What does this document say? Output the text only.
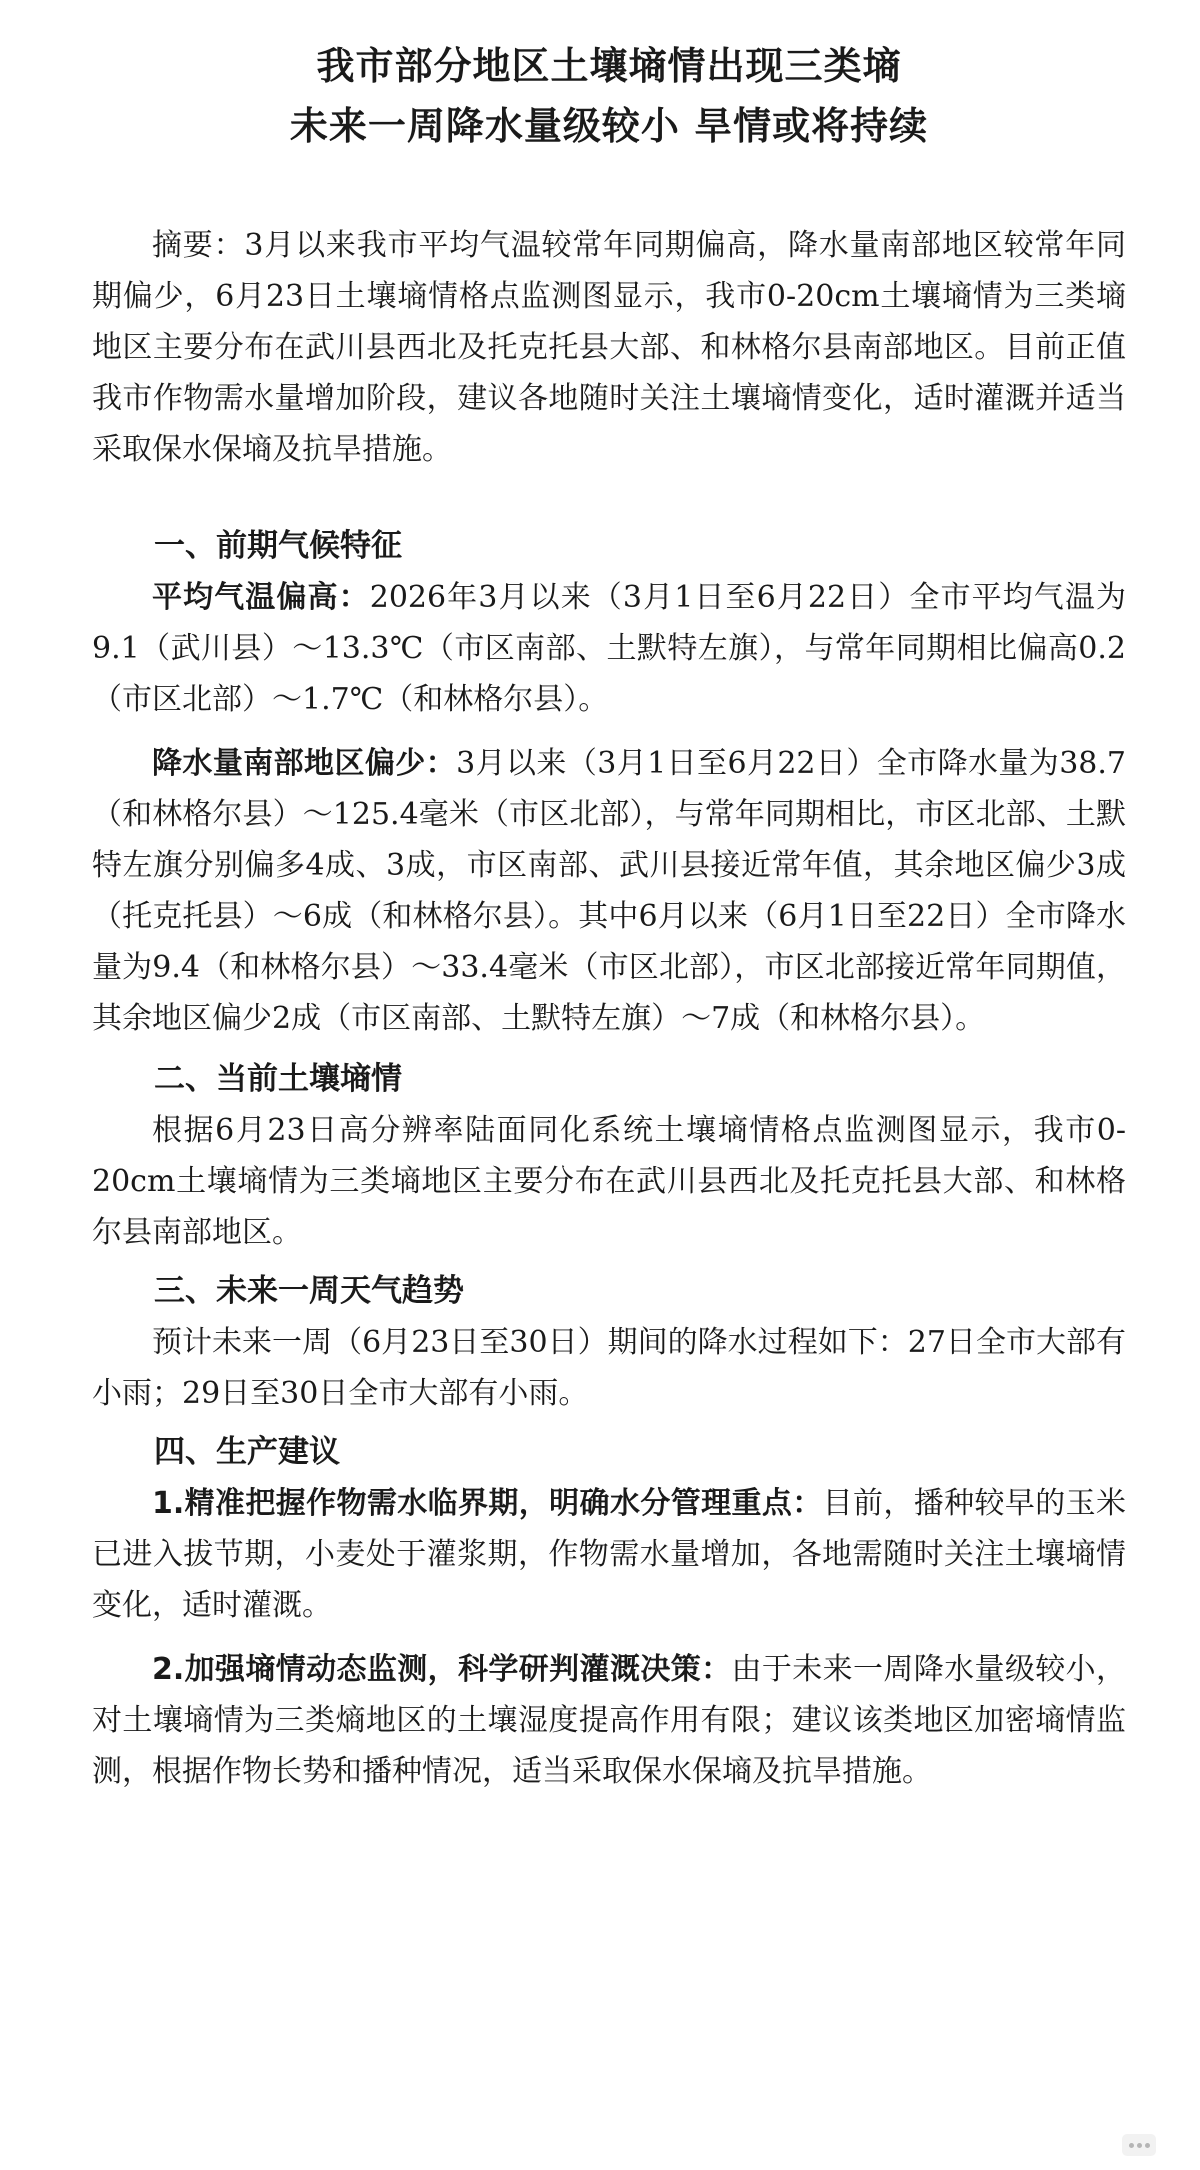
我市部分地区土壤墒情出现三类墒
未来一周降水量级较小 旱情或将持续

摘要：3月以来我市平均气温较常年同期偏高，降水量南部地区较常年同期偏少，6月23日土壤墒情格点监测图显示，我市0-20cm土壤墒情为三类墒地区主要分布在武川县西北及托克托县大部、和林格尔县南部地区。目前正值我市作物需水量增加阶段，建议各地随时关注土壤墒情变化，适时灌溉并适当采取保水保墒及抗旱措施。

一、前期气候特征

平均气温偏高：2026年3月以来（3月1日至6月22日）全市平均气温为9.1（武川县）～13.3℃（市区南部、土默特左旗），与常年同期相比偏高0.2（市区北部）～1.7℃（和林格尔县）。

降水量南部地区偏少：3月以来（3月1日至6月22日）全市降水量为38.7（和林格尔县）～125.4毫米（市区北部），与常年同期相比，市区北部、土默特左旗分别偏多4成、3成，市区南部、武川县接近常年值，其余地区偏少3成（托克托县）～6成（和林格尔县）。其中6月以来（6月1日至22日）全市降水量为9.4（和林格尔县）～33.4毫米（市区北部），市区北部接近常年同期值，其余地区偏少2成（市区南部、土默特左旗）～7成（和林格尔县）。

二、当前土壤墒情

根据6月23日高分辨率陆面同化系统土壤墒情格点监测图显示，我市0-20cm土壤墒情为三类墒地区主要分布在武川县西北及托克托县大部、和林格尔县南部地区。

三、未来一周天气趋势

预计未来一周（6月23日至30日）期间的降水过程如下：27日全市大部有小雨；29日至30日全市大部有小雨。

四、生产建议

1.精准把握作物需水临界期，明确水分管理重点：目前，播种较早的玉米已进入拔节期，小麦处于灌浆期，作物需水量增加，各地需随时关注土壤墒情变化，适时灌溉。

2.加强墒情动态监测，科学研判灌溉决策：由于未来一周降水量级较小，对土壤墒情为三类熵地区的土壤湿度提高作用有限；建议该类地区加密墒情监测，根据作物长势和播种情况，适当采取保水保墒及抗旱措施。
